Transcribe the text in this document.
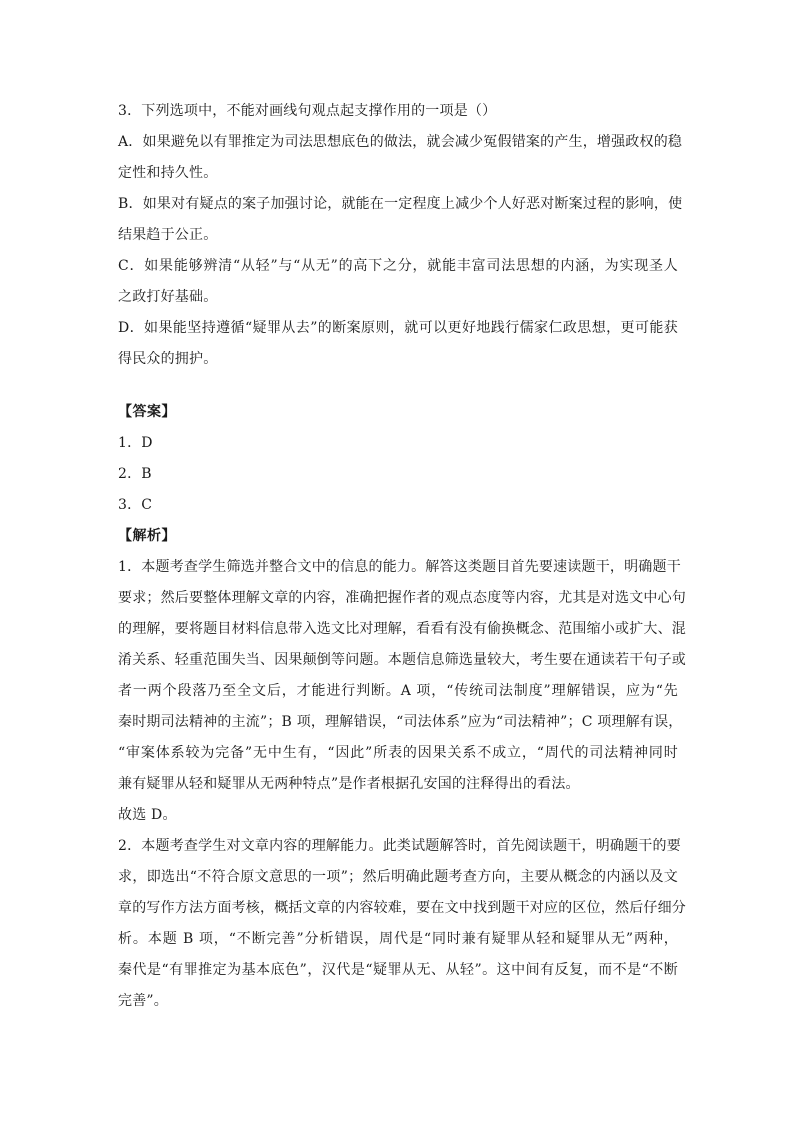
3．下列选项中，不能对画线句观点起支撑作用的一项是（）
A．如果避免以有罪推定为司法思想底色的做法，就会减少冤假错案的产生，增强政权的稳
定性和持久性。
B．如果对有疑点的案子加强讨论，就能在一定程度上减少个人好恶对断案过程的影响，使
结果趋于公正。
C．如果能够辨清“从轻”与“从无”的高下之分，就能丰富司法思想的内涵，为实现圣人
之政打好基础。
D．如果能坚持遵循“疑罪从去”的断案原则，就可以更好地践行儒家仁政思想，更可能获
得民众的拥护。
【答案】
1．D
2．B
3．C
【解析】
1．本题考查学生筛选并整合文中的信息的能力。解答这类题目首先要速读题干，明确题干
要求；然后要整体理解文章的内容，准确把握作者的观点态度等内容，尤其是对选文中心句
的理解，要将题目材料信息带入选文比对理解，看看有没有偷换概念、范围缩小或扩大、混
淆关系、轻重范围失当、因果颠倒等问题。本题信息筛选量较大，考生要在通读若干句子或
者一两个段落乃至全文后，才能进行判断。A 项，“传统司法制度”理解错误，应为“先
秦时期司法精神的主流”；B 项，理解错误，“司法体系”应为“司法精神”；C 项理解有误，
“审案体系较为完备”无中生有，“因此”所表的因果关系不成立，“周代的司法精神同时
兼有疑罪从轻和疑罪从无两种特点”是作者根据孔安国的注释得出的看法。
故选 D。
2．本题考查学生对文章内容的理解能力。此类试题解答时，首先阅读题干，明确题干的要
求，即选出“不符合原文意思的一项”；然后明确此题考查方向，主要从概念的内涵以及文
章的写作方法方面考核，概括文章的内容较难，要在文中找到题干对应的区位，然后仔细分
析。本题 B 项，“不断完善”分析错误，周代是“同时兼有疑罪从轻和疑罪从无”两种，
秦代是“有罪推定为基本底色”，汉代是“疑罪从无、从轻”。这中间有反复，而不是“不断
完善”。
